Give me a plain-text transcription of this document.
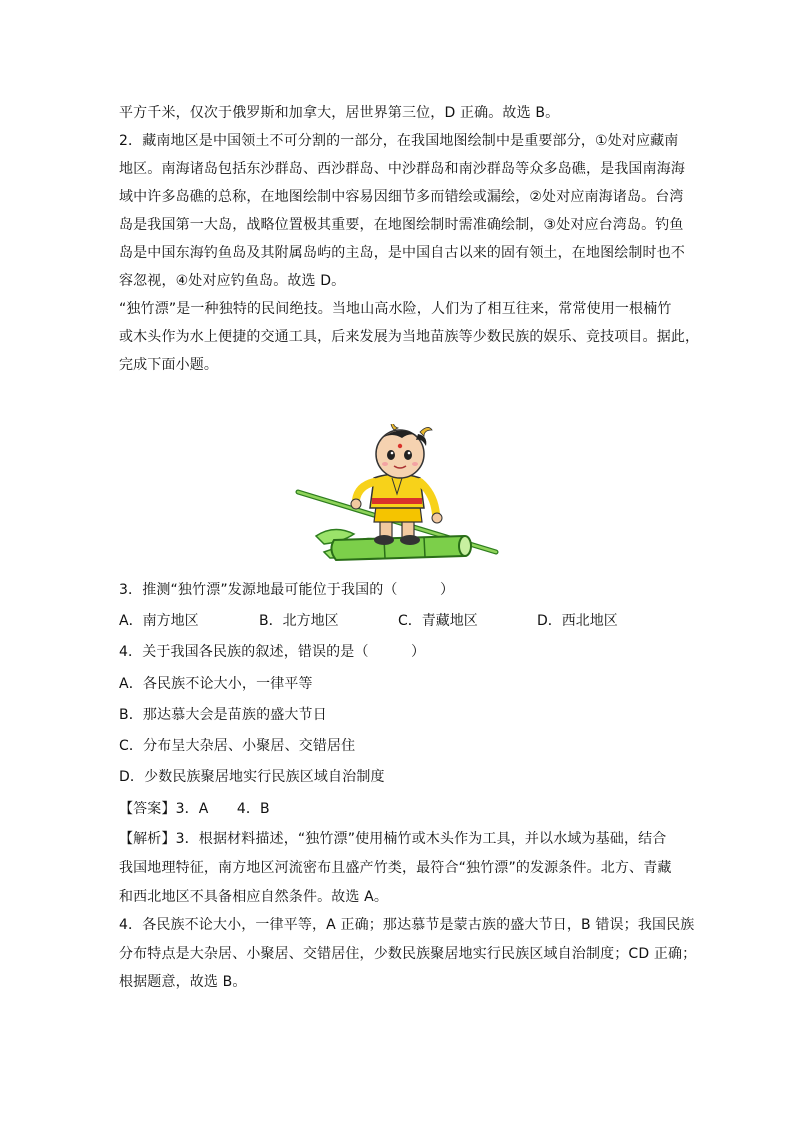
平方千米，仅次于俄罗斯和加拿大，居世界第三位，D 正确。故选 B。
2．藏南地区是中国领土不可分割的一部分，在我国地图绘制中是重要部分，①处对应藏南
地区。南海诸岛包括东沙群岛、西沙群岛、中沙群岛和南沙群岛等众多岛礁，是我国南海海
域中许多岛礁的总称，在地图绘制中容易因细节多而错绘或漏绘，②处对应南海诸岛。台湾
岛是我国第一大岛，战略位置极其重要，在地图绘制时需准确绘制，③处对应台湾岛。钓鱼
岛是中国东海钓鱼岛及其附属岛屿的主岛，是中国自古以来的固有领土，在地图绘制时也不
容忽视，④处对应钓鱼岛。故选 D。
“独竹漂”是一种独特的民间绝技。当地山高水险，人们为了相互往来，常常使用一根楠竹
或木头作为水上便捷的交通工具，后来发展为当地苗族等少数民族的娱乐、竞技项目。据此，
完成下面小题。
3．推测“独竹漂”发源地最可能位于我国的（　　　）
A．南方地区	B．北方地区	C．青藏地区	D．西北地区
4．关于我国各民族的叙述，错误的是（　　　）
A．各民族不论大小，一律平等
B．那达慕大会是苗族的盛大节日
C．分布呈大杂居、小聚居、交错居住
D．少数民族聚居地实行民族区域自治制度
【答案】3．A　　4．B
【解析】3．根据材料描述，“独竹漂”使用楠竹或木头作为工具，并以水域为基础，结合
我国地理特征，南方地区河流密布且盛产竹类，最符合“独竹漂”的发源条件。北方、青藏
和西北地区不具备相应自然条件。故选 A。
4．各民族不论大小，一律平等，A 正确；那达慕节是蒙古族的盛大节日，B 错误；我国民族
分布特点是大杂居、小聚居、交错居住，少数民族聚居地实行民族区域自治制度；CD 正确；
根据题意，故选 B。
